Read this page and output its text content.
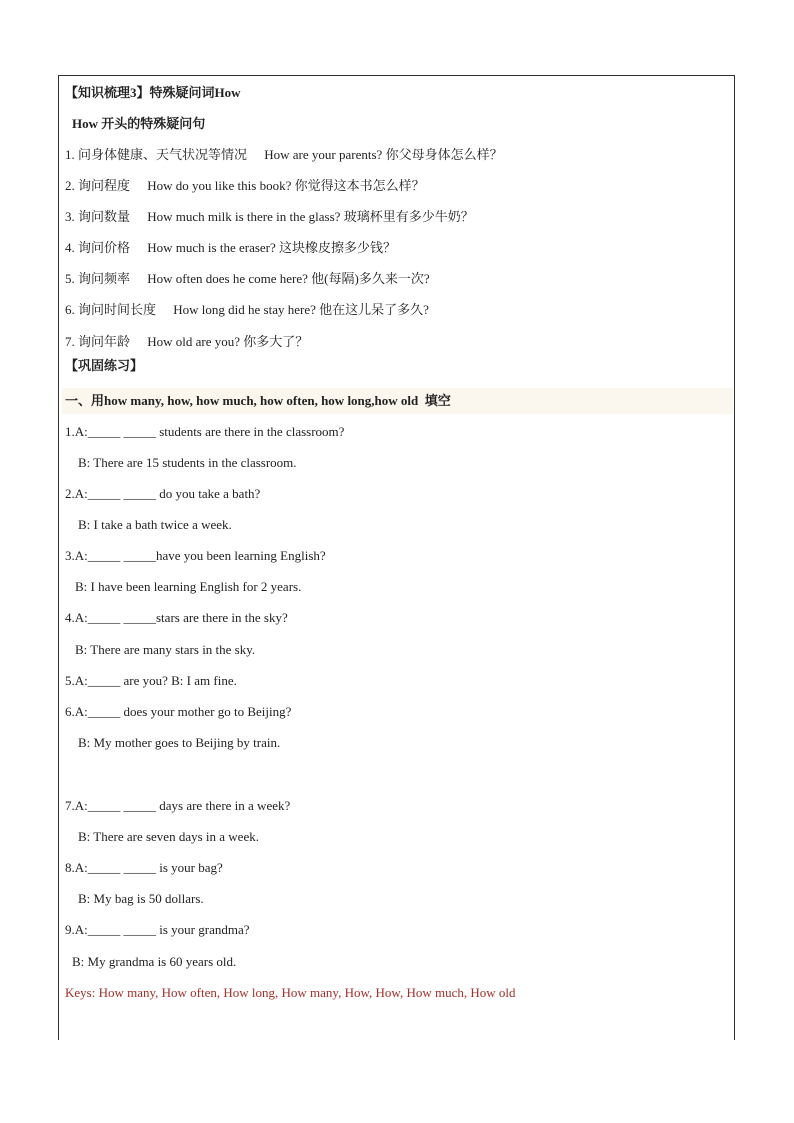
【知识梳理3】特殊疑问词How
How 开头的特殊疑问句
1. 问身体健康、天气状况等情况 How are your parents? 你父母身体怎么样？
2. 询问程度 How do you like this book? 你觉得这本书怎么样？
3. 询问数量 How much milk is there in the glass? 玻璃杯里有多少牛奶？
4. 询问价格 How much is the eraser? 这块橡皮擦多少钱？
5. 询问频率 How often does he come here? 他(每隔)多久来一次?
6. 询问时间长度 How long did he stay here? 他在这儿呆了多久?
7. 询问年龄 How old are you? 你多大了？
【巩固练习】
一、用how many, how, how much, how often, how long,how old 填空
1.A:_____ _____ students are there in the classroom?
B: There are 15 students in the classroom.
2.A:_____ _____ do you take a bath?
B: I take a bath twice a week.
3.A:_____ _____have you been learning English?
B: I have been learning English for 2 years.
4.A:_____ _____stars are there in the sky?
B: There are many stars in the sky.
5.A:_____ are you? B: I am fine.
6.A:_____ does your mother go to Beijing?
B: My mother goes to Beijing by train.
7.A:_____ _____ days are there in a week?
B: There are seven days in a week.
8.A:_____ _____ is your bag?
B: My bag is 50 dollars.
9.A:_____ _____ is your grandma?
B: My grandma is 60 years old.
Keys: How many, How often, How long, How many, How, How, How much, How old
